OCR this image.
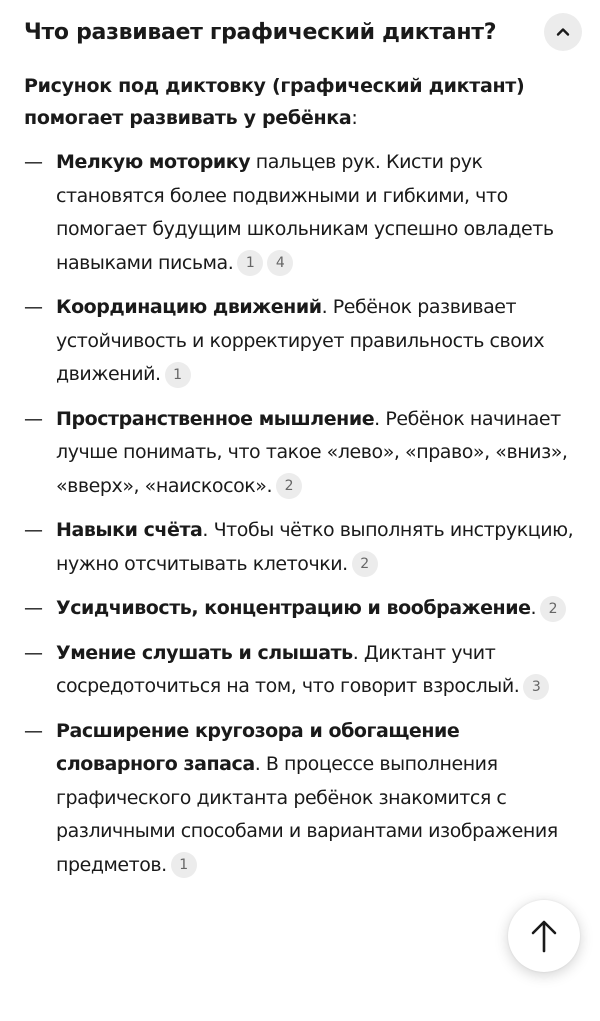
Что развивает графический диктант?

Рисунок под диктовку (графический диктант) помогает развивать у ребёнка:

— Мелкую моторику пальцев рук. Кисти рук становятся более подвижными и гибкими, что помогает будущим школьникам успешно овладеть навыками письма. 1 4
— Координацию движений. Ребёнок развивает устойчивость и корректирует правильность своих движений. 1
— Пространственное мышление. Ребёнок начинает лучше понимать, что такое «лево», «право», «вниз», «вверх», «наискосок». 2
— Навыки счёта. Чтобы чётко выполнять инструкцию, нужно отсчитывать клеточки. 2
— Усидчивость, концентрацию и воображение. 2
— Умение слушать и слышать. Диктант учит сосредоточиться на том, что говорит взрослый. 3
— Расширение кругозора и обогащение словарного запаса. В процессе выполнения графического диктанта ребёнок знакомится с различными способами и вариантами изображения предметов. 1
